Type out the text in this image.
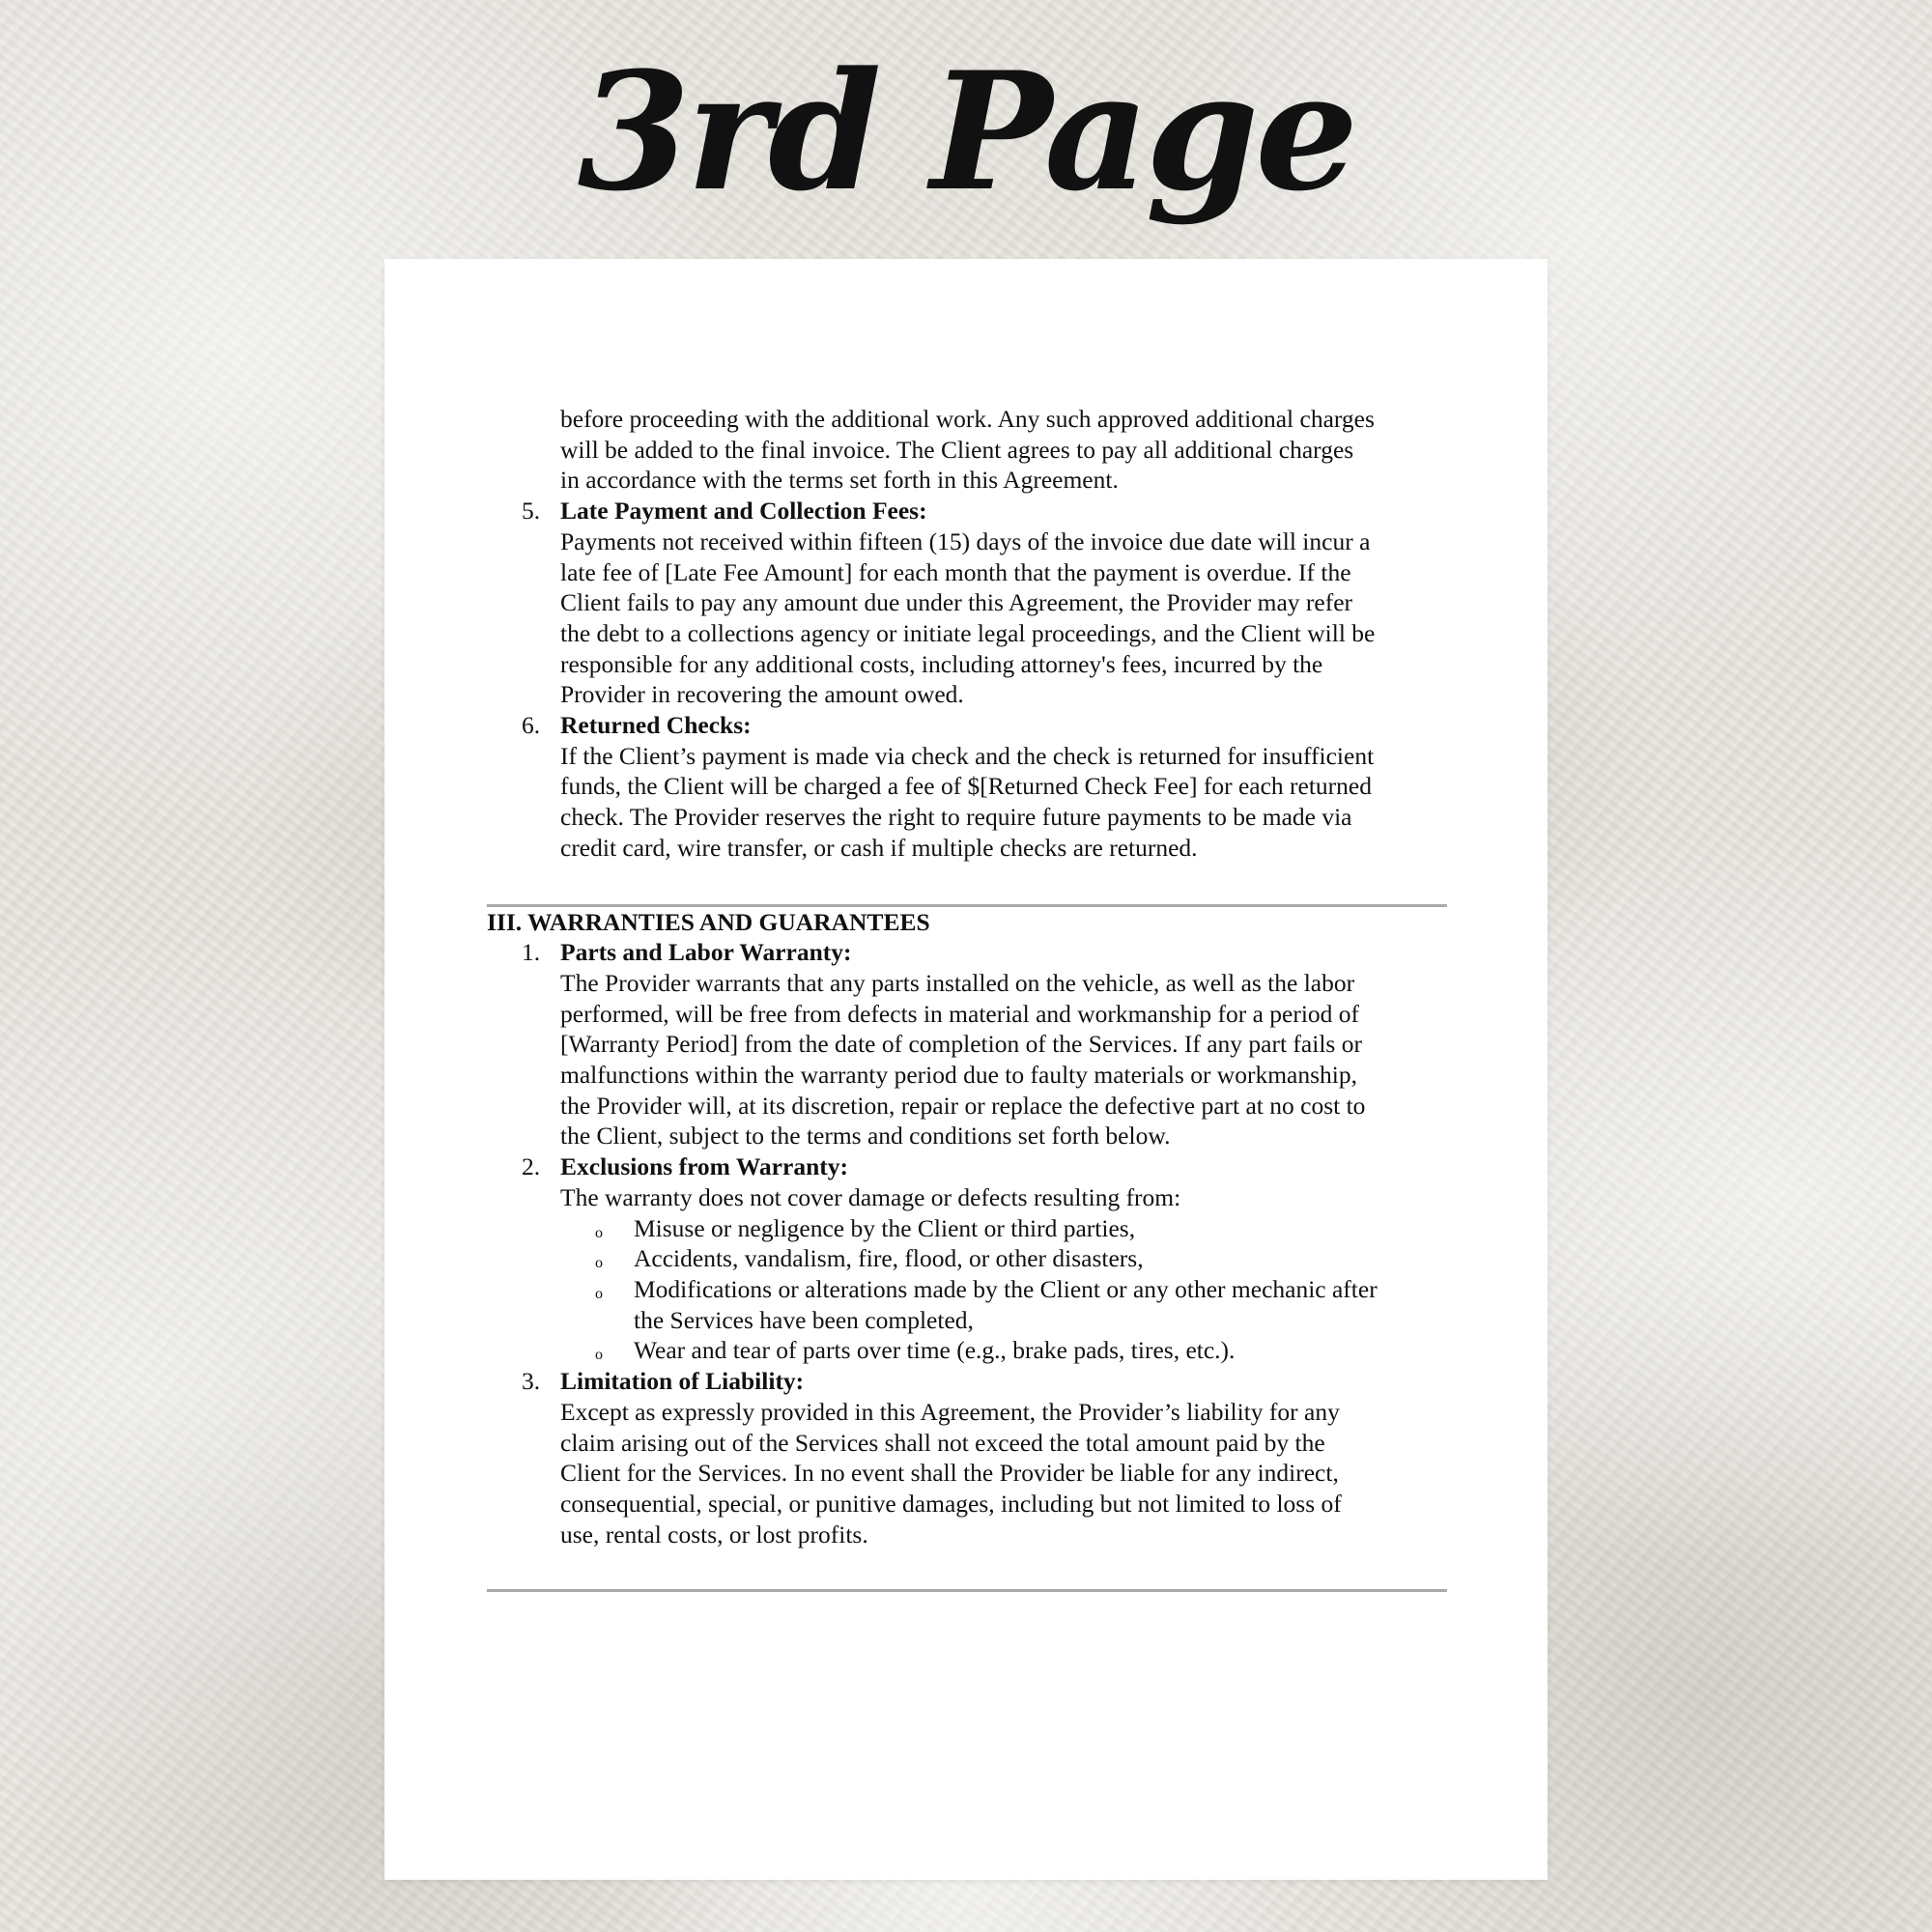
3rd Page

before proceeding with the additional work. Any such approved additional charges

will be added to the final invoice. The Client agrees to pay all additional charges

in accordance with the terms set forth in this Agreement.

5. Late Payment and Collection Fees:

Payments not received within fifteen (15) days of the invoice due date will incur a

late fee of [Late Fee Amount] for each month that the payment is overdue. If the

Client fails to pay any amount due under this Agreement, the Provider may refer

the debt to a collections agency or initiate legal proceedings, and the Client will be

responsible for any additional costs, including attorney's fees, incurred by the

Provider in recovering the amount owed.

6. Returned Checks:

If the Client’s payment is made via check and the check is returned for insufficient

funds, the Client will be charged a fee of $[Returned Check Fee] for each returned

check. The Provider reserves the right to require future payments to be made via

credit card, wire transfer, or cash if multiple checks are returned.

III. WARRANTIES AND GUARANTEES

1. Parts and Labor Warranty:

The Provider warrants that any parts installed on the vehicle, as well as the labor

performed, will be free from defects in material and workmanship for a period of

[Warranty Period] from the date of completion of the Services. If any part fails or

malfunctions within the warranty period due to faulty materials or workmanship,

the Provider will, at its discretion, repair or replace the defective part at no cost to

the Client, subject to the terms and conditions set forth below.

2. Exclusions from Warranty:

The warranty does not cover damage or defects resulting from:

o Misuse or negligence by the Client or third parties,

o Accidents, vandalism, fire, flood, or other disasters,

o Modifications or alterations made by the Client or any other mechanic after

the Services have been completed,

o Wear and tear of parts over time (e.g., brake pads, tires, etc.).

3. Limitation of Liability:

Except as expressly provided in this Agreement, the Provider’s liability for any

claim arising out of the Services shall not exceed the total amount paid by the

Client for the Services. In no event shall the Provider be liable for any indirect,

consequential, special, or punitive damages, including but not limited to loss of

use, rental costs, or lost profits.
